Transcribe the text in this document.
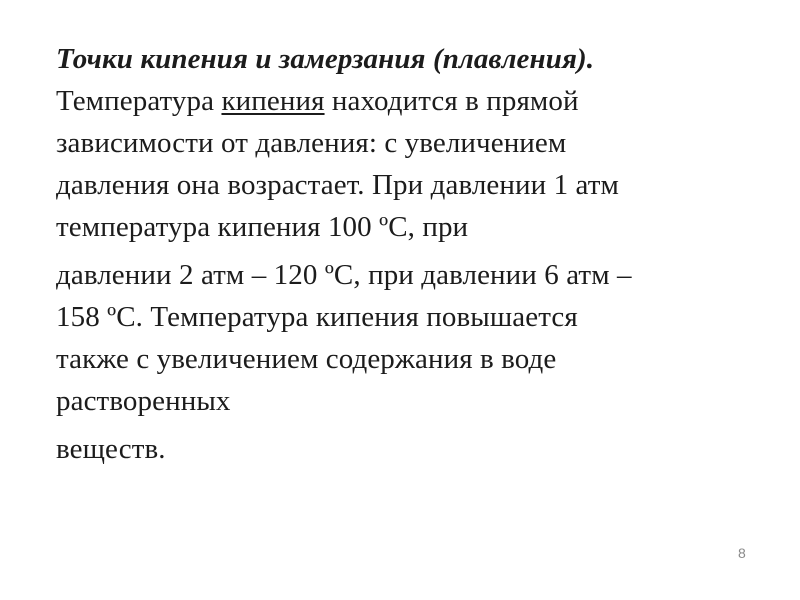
Точки кипения и замерзания (плавления).
Температура кипения находится в прямой
зависимости от давления: с увеличением
давления она возрастает. При давлении 1 атм
температура кипения 100 ºС, при
давлении 2 атм – 120 ºС, при давлении 6 атм –
158 ºС. Температура кипения повышается
также с увеличением содержания в воде
растворенных
веществ.
8
